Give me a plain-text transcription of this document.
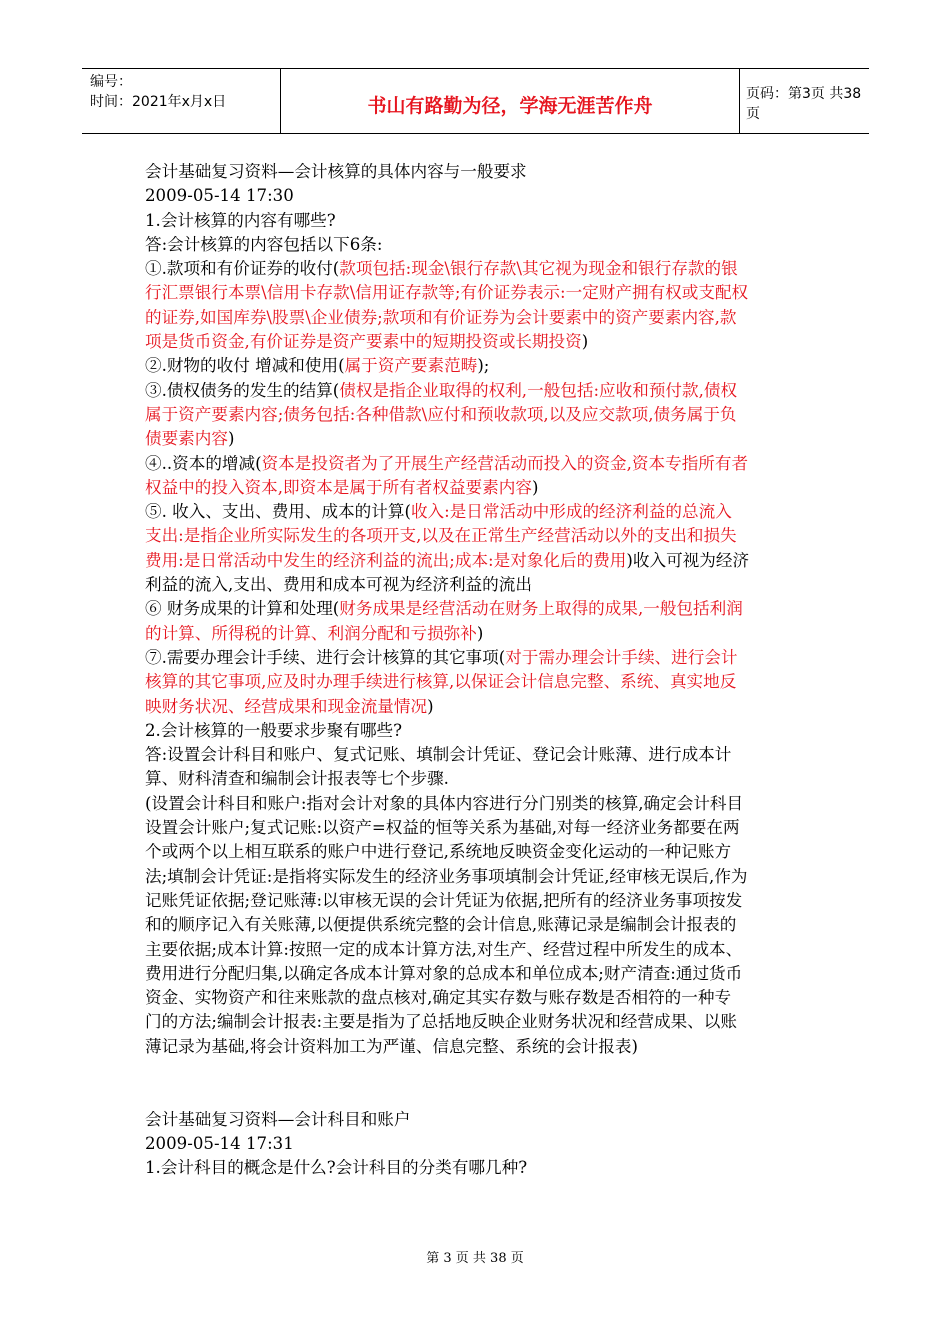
编号：
时间：2021年x月x日	书山有路勤为径，学海无涯苦作舟
页码：第3页 共38页

会计基础复习资料—会计核算的具体内容与一般要求

2009-05-14 17:30

1.会计核算的内容有哪些?

答:会计核算的内容包括以下6条:

①.款项和有价证券的收付(款项包括:现金\银行存款\其它视为现金和银行存款的银

行汇票银行本票\信用卡存款\信用证存款等;有价证券表示:一定财产拥有权或支配权

的证券,如国库券\股票\企业债券;款项和有价证券为会计要素中的资产要素内容,款

项是货币资金,有价证券是资产要素中的短期投资或长期投资)

②.财物的收付 增减和使用(属于资产要素范畴);

③.债权债务的发生的结算(债权是指企业取得的权利,一般包括:应收和预付款,债权

属于资产要素内容;债务包括:各种借款\应付和预收款项,以及应交款项,债务属于负

债要素内容)

④..资本的增减(资本是投资者为了开展生产经营活动而投入的资金,资本专指所有者

权益中的投入资本,即资本是属于所有者权益要素内容)

⑤. 收入、支出、费用、成本的计算(收入:是日常活动中形成的经济利益的总流入

支出:是指企业所实际发生的各项开支,以及在正常生产经营活动以外的支出和损失

费用:是日常活动中发生的经济利益的流出;成本:是对象化后的费用)收入可视为经济

利益的流入,支出、费用和成本可视为经济利益的流出

⑥ 财务成果的计算和处理(财务成果是经营活动在财务上取得的成果,一般包括利润

的计算、所得税的计算、利润分配和亏损弥补)

⑦.需要办理会计手续、进行会计核算的其它事项(对于需办理会计手续、进行会计

核算的其它事项,应及时办理手续进行核算,以保证会计信息完整、系统、真实地反

映财务状况、经营成果和现金流量情况)

2.会计核算的一般要求步聚有哪些?

答:设置会计科目和账户、复式记账、填制会计凭证、登记会计账薄、进行成本计

算、财科清查和编制会计报表等七个步骤.

(设置会计科目和账户:指对会计对象的具体内容进行分门别类的核算,确定会计科目

设置会计账户;复式记账:以资产=权益的恒等关系为基础,对每一经济业务都要在两

个或两个以上相互联系的账户中进行登记,系统地反映资金变化运动的一种记账方

法;填制会计凭证:是指将实际发生的经济业务事项填制会计凭证,经审核无误后,作为

记账凭证依据;登记账薄:以审核无误的会计凭证为依据,把所有的经济业务事项按发

和的顺序记入有关账薄,以便提供系统完整的会计信息,账薄记录是编制会计报表的

主要依据;成本计算:按照一定的成本计算方法,对生产、经营过程中所发生的成本、

费用进行分配归集,以确定各成本计算对象的总成本和单位成本;财产清查:通过货币

资金、实物资产和往来账款的盘点核对,确定其实存数与账存数是否相符的一种专

门的方法;编制会计报表:主要是指为了总括地反映企业财务状况和经营成果、以账

薄记录为基础,将会计资料加工为严谨、信息完整、系统的会计报表)

会计基础复习资料—会计科目和账户

2009-05-14 17:31

1.会计科目的概念是什么?会计科目的分类有哪几种?

第 3 页 共 38 页
